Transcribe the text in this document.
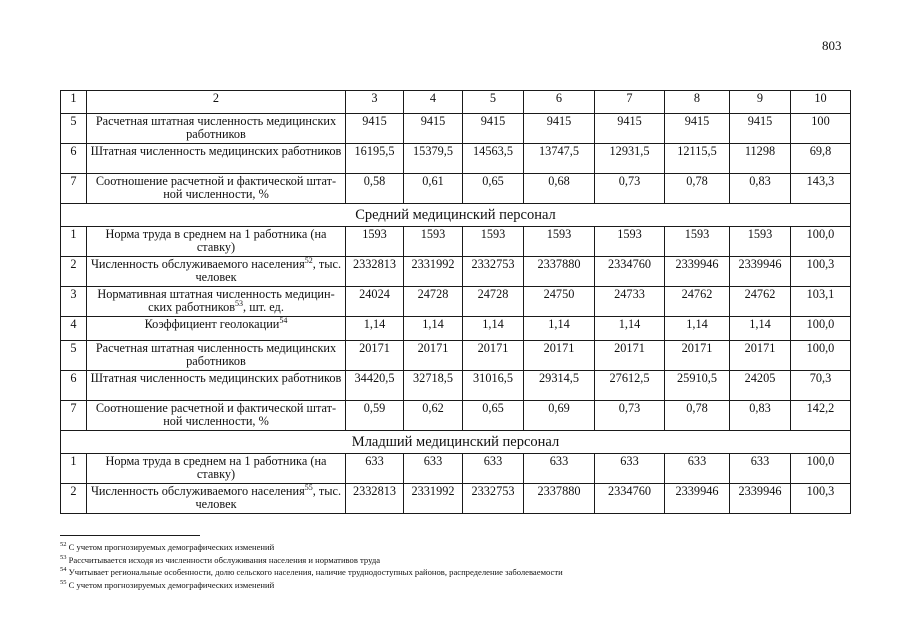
803
1	2	3	4	5	6	7	8	9	10
5	Расчетная штатная численность медицинских работников	9415	9415	9415	9415	9415	9415	9415	100
6	Штатная численность медицинских работников	16195,5	15379,5	14563,5	13747,5	12931,5	12115,5	11298	69,8
7	Соотношение расчетной и фактической штат-ной численности, %	0,58	0,61	0,65	0,68	0,73	0,78	0,83	143,3
Средний медицинский персонал									
1	Норма труда в среднем на 1 работника (на ставку)	1593	1593	1593	1593	1593	1593	1593	100,0
2	Численность обслуживаемого населения$^{52}$, тыс. человек	2332813	2331992	2332753	2337880	2334760	2339946	2339946	100,3
3	Нормативная штатная численность медицин-ских работников$^{53}$, шт. ед.	24024	24728	24728	24750	24733	24762	24762	103,1
4	Коэффициент геолокации$^{54}$	1,14	1,14	1,14	1,14	1,14	1,14	1,14	100,0
5	Расчетная штатная численность медицинских работников	20171	20171	20171	20171	20171	20171	20171	100,0
6	Штатная численность медицинских работников	34420,5	32718,5	31016,5	29314,5	27612,5	25910,5	24205	70,3
7	Соотношение расчетной и фактической штат-ной численности, %	0,59	0,62	0,65	0,69	0,73	0,78	0,83	142,2
Младший медицинский персонал									
1	Норма труда в среднем на 1 работника (на ставку)	633	633	633	633	633	633	633	100,0
2	Численность обслуживаемого населения$^{55}$, тыс. человек	2332813	2331992	2332753	2337880	2334760	2339946	2339946	100,3
$^{52}$ С учетом прогнозируемых демографических изменений
$^{53}$ Рассчитывается исходя из численности обслуживания населения и нормативов труда
$^{54}$ Учитывает региональные особенности, долю сельского населения, наличие труднодоступных районов, распределение заболеваемости
$^{55}$ С учетом прогнозируемых демографических изменений
